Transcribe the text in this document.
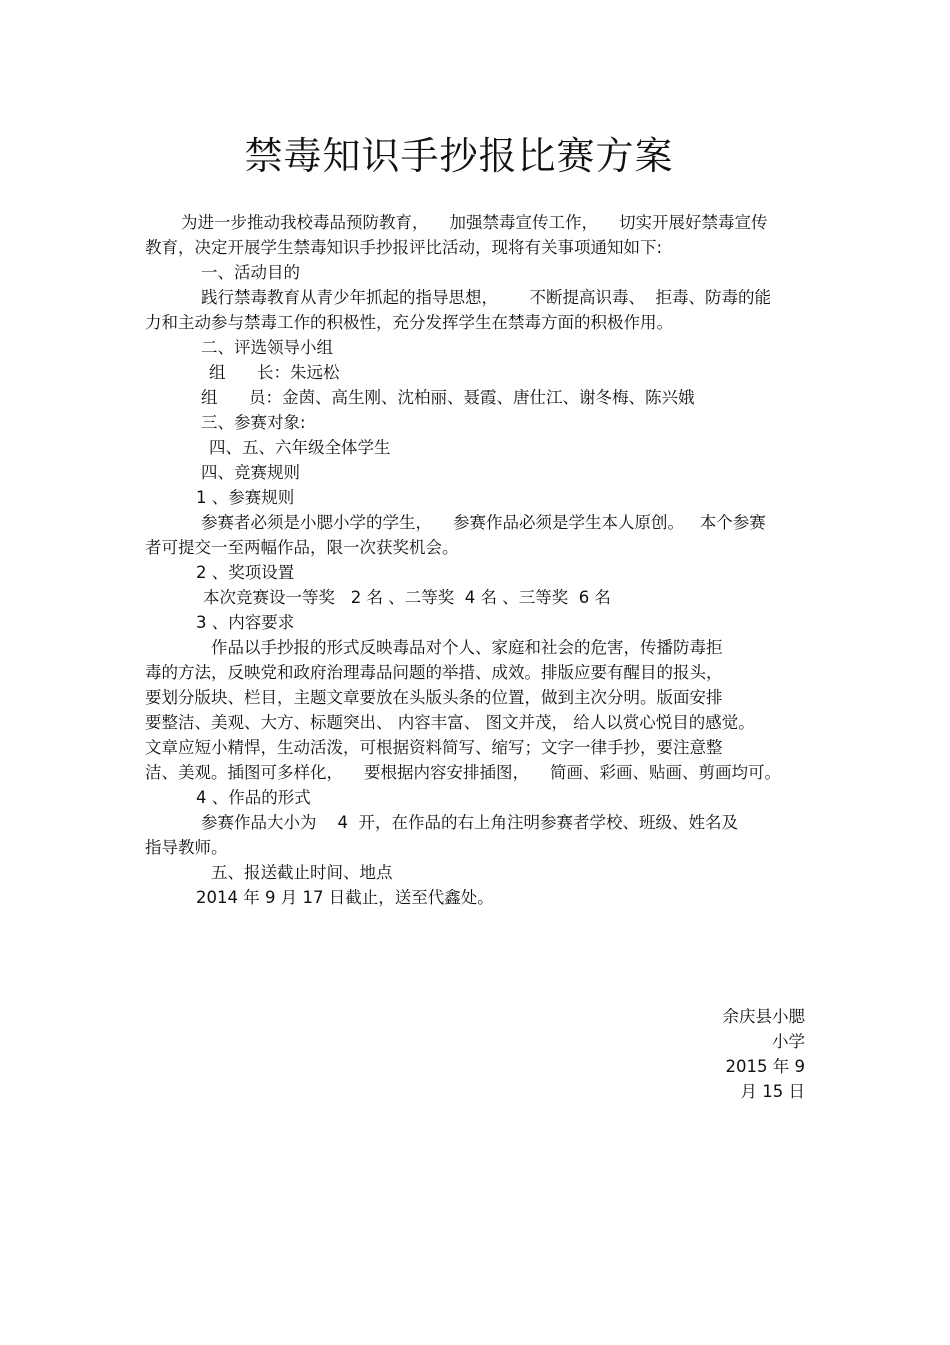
禁毒知识手抄报比赛方案

为进一步推动我校毒品预防教育，    加强禁毒宣传工作，    切实开展好禁毒宣传

教育，决定开展学生禁毒知识手抄报评比活动，现将有关事项通知如下:

一、活动目的

践行禁毒教育从青少年抓起的指导思想，      不断提高识毒、  拒毒、防毒的能

力和主动参与禁毒工作的积极性，充分发挥学生在禁毒方面的积极作用。

二、评选领导小组

组      长：朱远松

组      员：金茵、高生刚、沈柏丽、聂霞、唐仕江、谢冬梅、陈兴娥

三、参赛对象:

四、五、六年级全体学生

四、竞赛规则

1 、参赛规则

参赛者必须是小腮小学的学生，    参赛作品必须是学生本人原创。   本个参赛

者可提交一至两幅作品，限一次获奖机会。

2 、奖项设置

本次竞赛设一等奖   2 名 、二等奖  4 名 、三等奖  6 名

3 、内容要求

作品以手抄报的形式反映毒品对个人、家庭和社会的危害，传播防毒拒

毒的方法，反映党和政府治理毒品问题的举措、成效。排版应要有醒目的报头，

要划分版块、栏目，主题文章要放在头版头条的位置，做到主次分明。版面安排

要整洁、美观、大方、标题突出、 内容丰富、 图文并茂， 给人以赏心悦目的感觉。

文章应短小精悍，生动活泼，可根据资料简写、缩写；文字一律手抄，要注意整

洁、美观。插图可多样化，    要根据内容安排插图，    简画、彩画、贴画、剪画均可。

4 、作品的形式

参赛作品大小为    4  开，在作品的右上角注明参赛者学校、班级、姓名及

指导教师。

五、报送截止时间、地点

2014 年 9 月 17 日截止，送至代鑫处。

余庆县小腮
小学
2015 年 9
月 15 日
